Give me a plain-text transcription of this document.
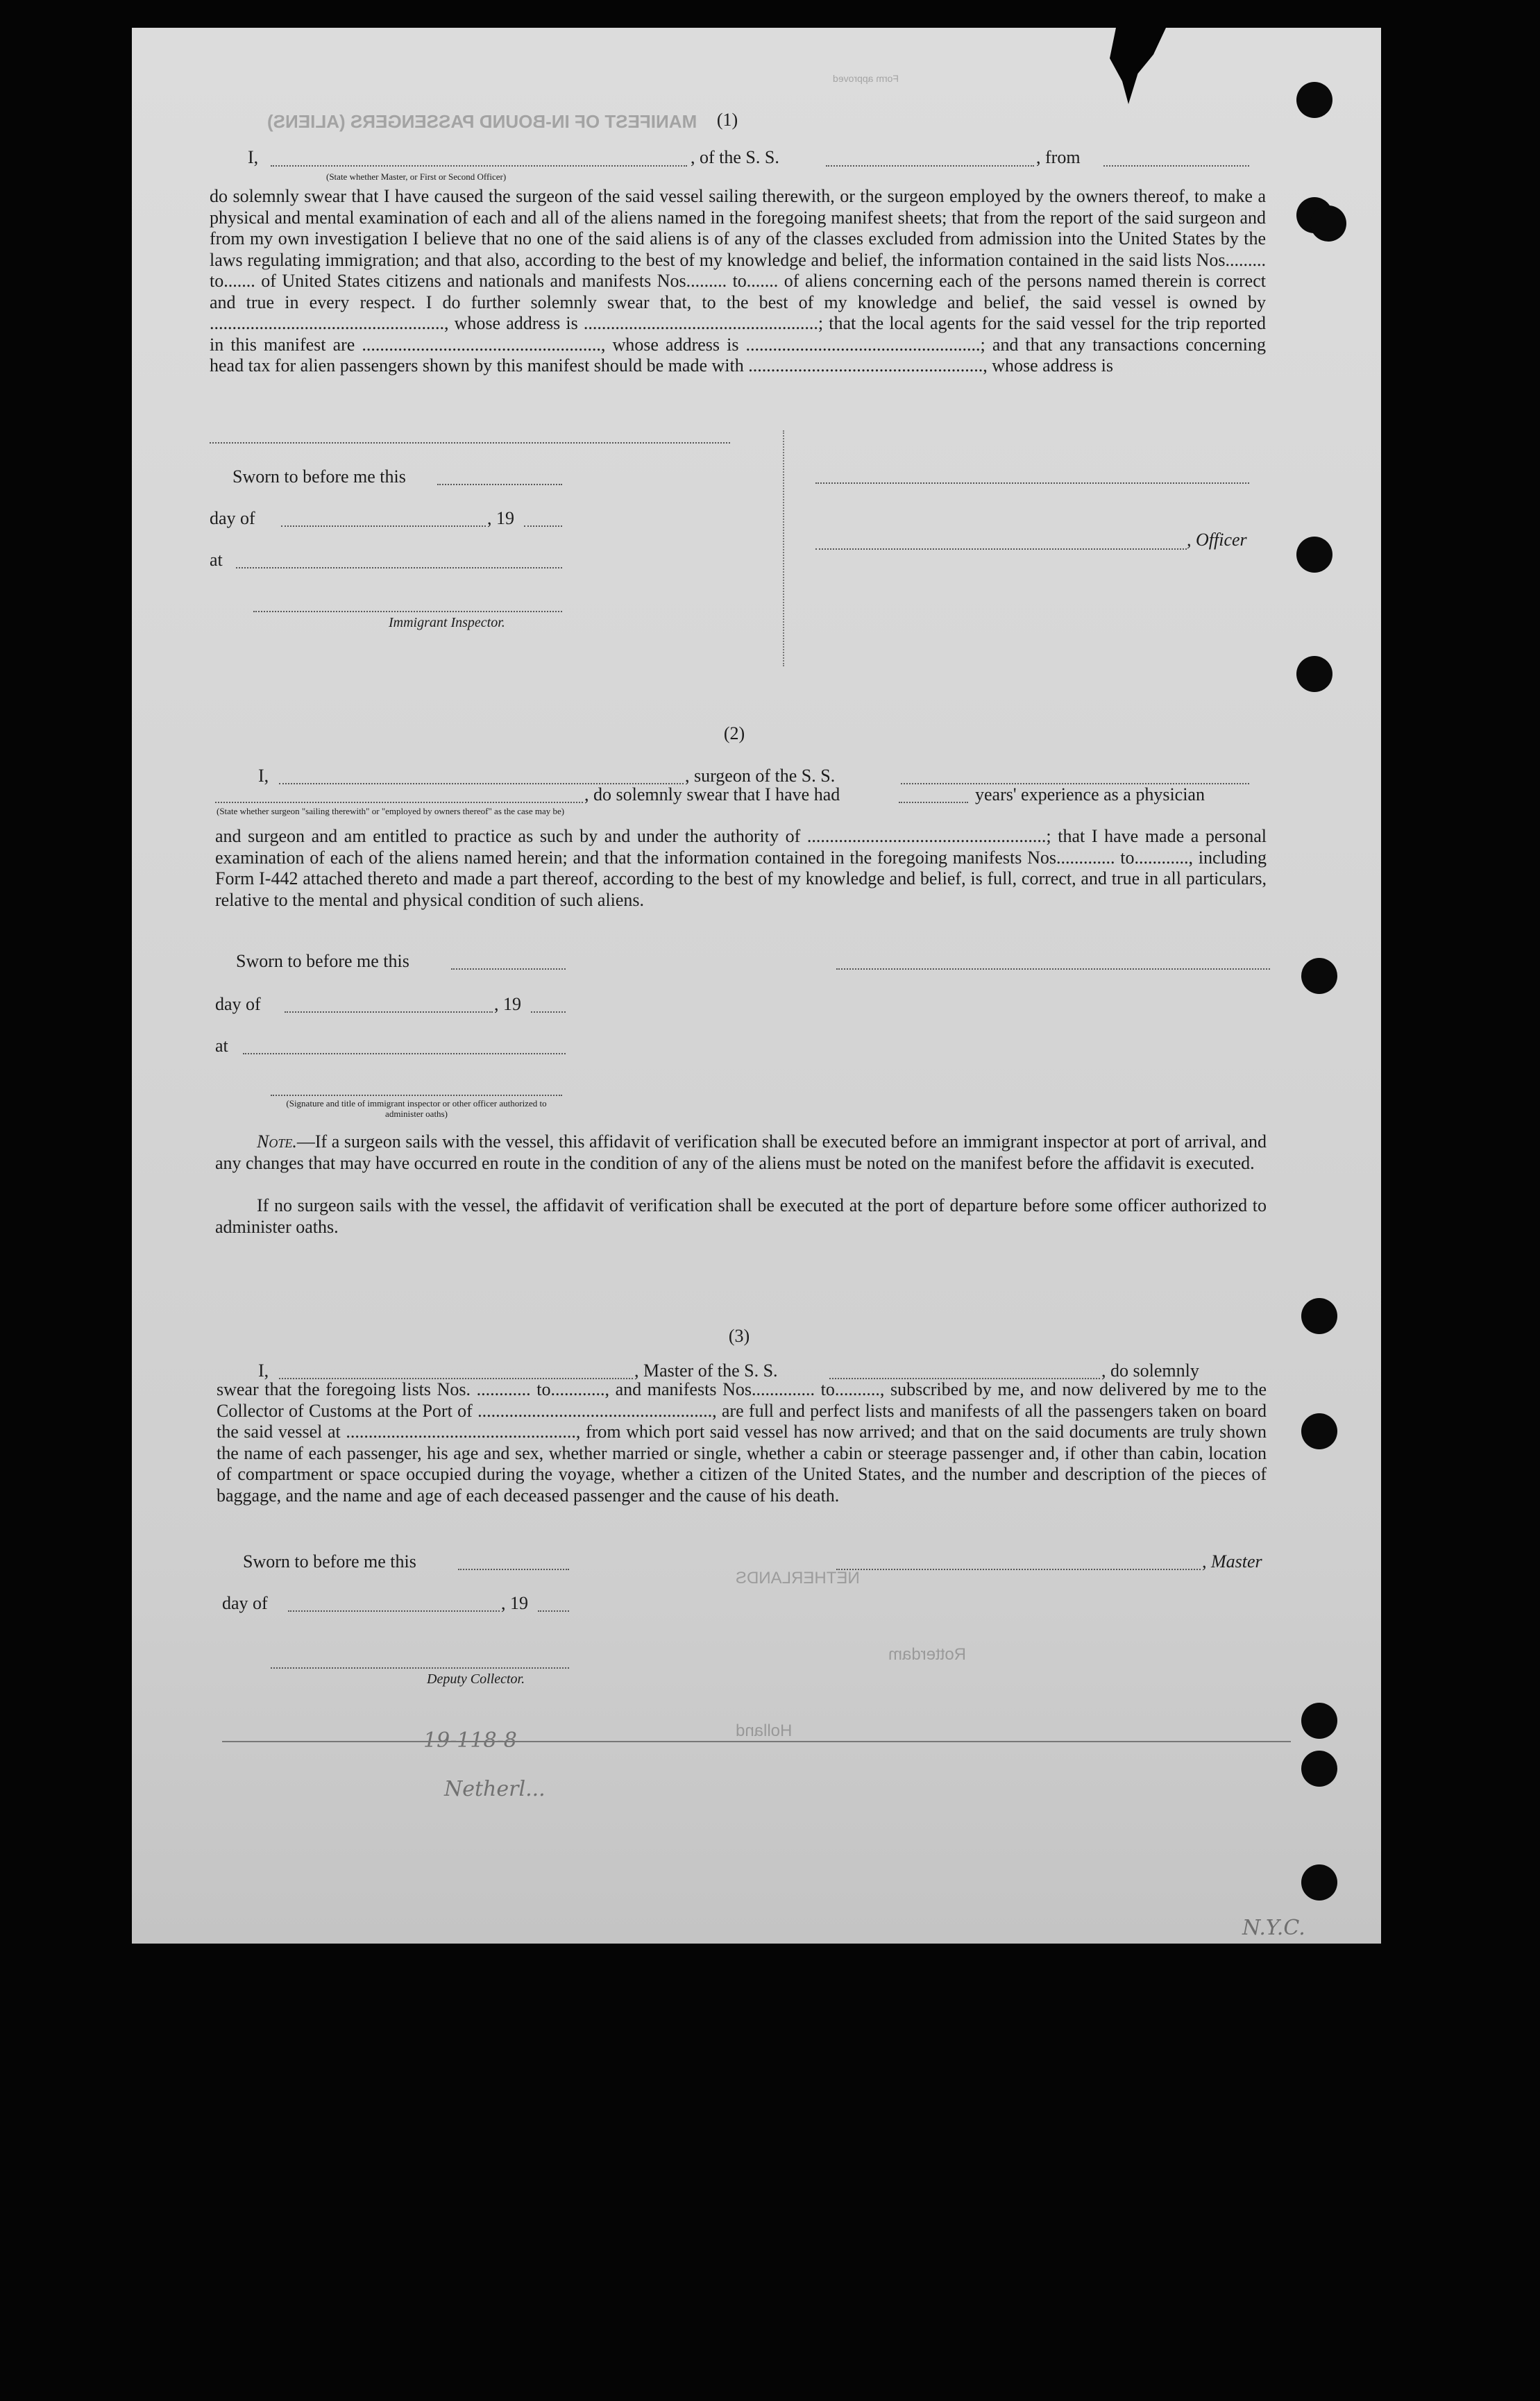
MANIFEST OF IN-BOUND PASSENGERS (ALIENS)
Form approved
NETHERLANDS
Rotterdam
Holland
19-118-8
Netherl...
N.Y.C.
(1)
I,	, of the S. S.	, from
(State whether Master, or First or Second Officer)
do solemnly swear that I have caused the surgeon of the said vessel sailing therewith, or the surgeon employed by the owners thereof, to make a physical and mental examination of each and all of the aliens named in the foregoing manifest sheets; that from the report of the said surgeon and from my own investigation I believe that no one of the said aliens is of any of the classes excluded from admission into the United States by the laws regulating immigration; and that also, according to the best of my knowledge and belief, the information contained in the said lists Nos......... to....... of United States citizens and nationals and manifests Nos......... to....... of aliens concerning each of the persons named therein is correct and true in every respect. I do further solemnly swear that, to the best of my knowledge and belief, the said vessel is owned by ...................................................., whose address is ....................................................; that the local agents for the said vessel for the trip reported in this manifest are ....................................................., whose address is ....................................................; and that any transactions concerning head tax for alien passengers shown by this manifest should be made with ...................................................., whose address is
Sworn to before me this
day of	, 19
at
Immigrant Inspector.
, Officer
(2)
I,	, surgeon of the S. S.
, do solemnly swear that I have had	years' experience as a physician
(State whether surgeon "sailing therewith" or "employed by owners thereof" as the case may be)
and surgeon and am entitled to practice as such by and under the authority of .....................................................; that I have made a personal examination of each of the aliens named herein; and that the information contained in the foregoing manifests Nos............. to............, including Form I-442 attached thereto and made a part thereof, according to the best of my knowledge and belief, is full, correct, and true in all particulars, relative to the mental and physical condition of such aliens.
Sworn to before me this
day of	, 19
at
(Signature and title of immigrant inspector or other officer authorized to administer oaths)
Note.—If a surgeon sails with the vessel, this affidavit of verification shall be executed before an immigrant inspector at port of arrival, and any changes that may have occurred en route in the condition of any of the aliens must be noted on the manifest before the affidavit is executed.
If no surgeon sails with the vessel, the affidavit of verification shall be executed at the port of departure before some officer authorized to administer oaths.
(3)
I,	, Master of the S. S.	, do solemnly
swear that the foregoing lists Nos. ............ to............, and manifests Nos.............. to.........., subscribed by me, and now delivered by me to the Collector of Customs at the Port of ...................................................., are full and perfect lists and manifests of all the passengers taken on board the said vessel at ..................................................., from which port said vessel has now arrived; and that on the said documents are truly shown the name of each passenger, his age and sex, whether married or single, whether a cabin or steerage passenger and, if other than cabin, location of compartment or space occupied during the voyage, whether a citizen of the United States, and the number and description of the pieces of baggage, and the name and age of each deceased passenger and the cause of his death.
Sworn to before me this	, Master
day of	, 19
Deputy Collector.
